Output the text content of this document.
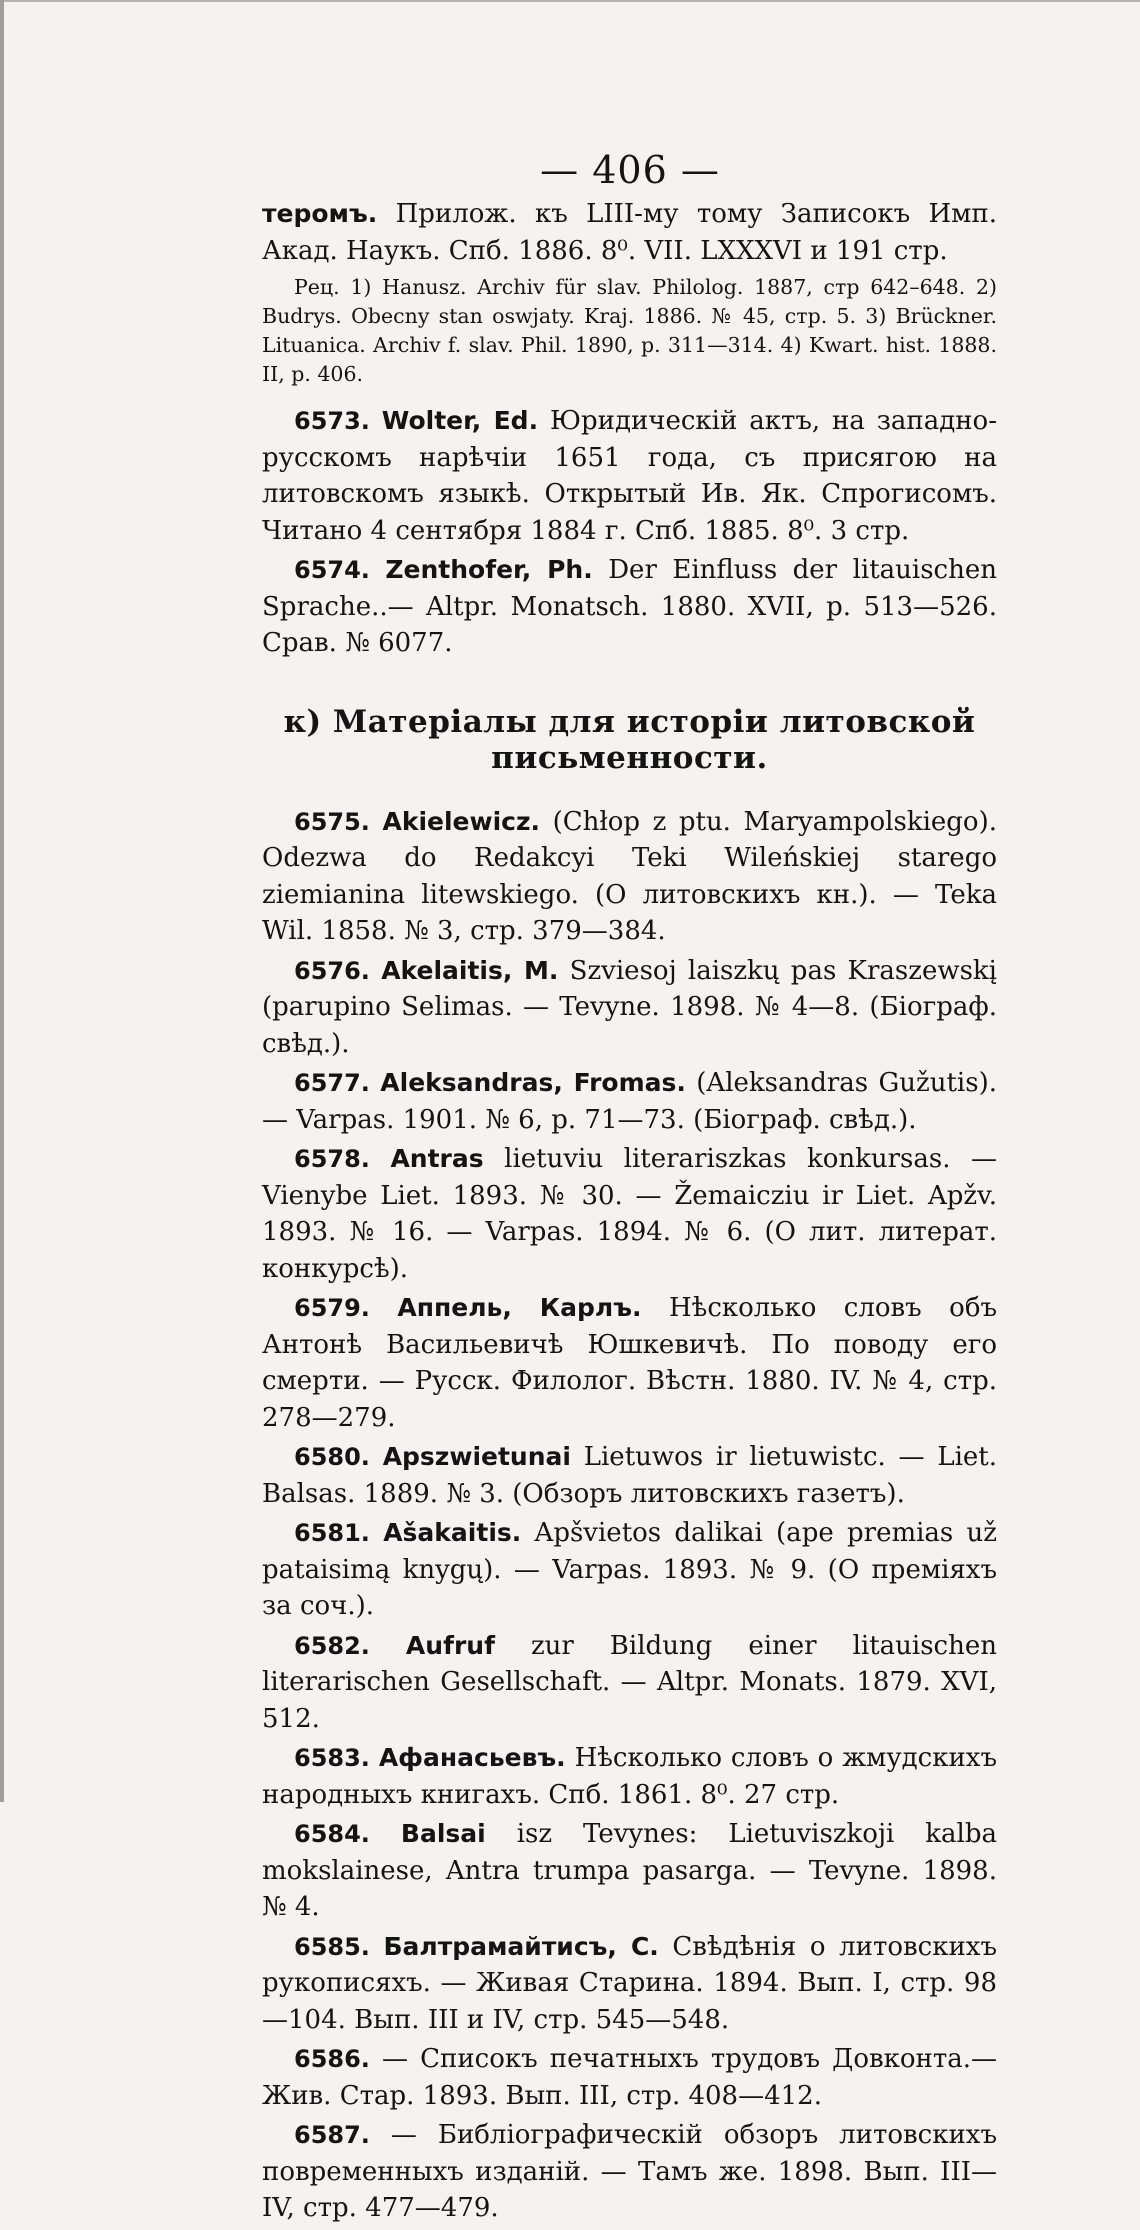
— 406 —

теромъ. Прилож. къ LIII-му тому Записокъ Имп. Акад. Наукъ. Спб. 1886. 8⁰. VII. LXXXVI и 191 стр.

Рец. 1) Hanusz. Archiv für slav. Philolog. 1887, стр 642–648. 2) Budrys. Obecny stan oswjaty. Kraj. 1886. № 45, стр. 5. 3) Brückner. Lituanica. Archiv f. slav. Phil. 1890, p. 311—314. 4) Kwart. hist. 1888. II, p. 406.

6573. Wolter, Ed. Юридическій актъ, на западно-русскомъ нарѣчіи 1651 года, съ присягою на литовскомъ языкѣ. Открытый Ив. Як. Спрогисомъ. Читано 4 сентября 1884 г. Спб. 1885. 8⁰. 3 стр.

6574. Zenthofer, Ph. Der Einfluss der litauischen Sprache..— Altpr. Monatsch. 1880. XVII, p. 513—526. Срав. № 6077.

к) Матеріалы для исторіи литовской письменности.

6575. Akielewicz. (Chłop z ptu. Maryampolskiego). Odezwa do Redakcyi Teki Wileńskiej starego ziemianina litewskiego. (О литовскихъ кн.). — Teka Wil. 1858. № 3, стр. 379—384.

6576. Akelaitis, M. Szviesoj laiszkų pas Kraszewskį (parupino Selimas. — Tevyne. 1898. № 4—8. (Біограф. свѣд.).

6577. Aleksandras, Fromas. (Aleksandras Gužutis). — Varpas. 1901. № 6, p. 71—73. (Біограф. свѣд.).

6578. Antras lietuviu literariszkas konkursas. — Vienybe Liet. 1893. № 30. — Žemaicziu ir Liet. Apžv. 1893. № 16. — Varpas. 1894. № 6. (О лит. литерат. конкурсѣ).

6579. Аппель, Карлъ. Нѣсколько словъ объ Антонѣ Васильевичѣ Юшкевичѣ. По поводу его смерти. — Русск. Филолог. Вѣстн. 1880. IV. № 4, стр. 278—279.

6580. Apszwietunai Lietuwos ir lietuwistc. — Liet. Balsas. 1889. № 3. (Обзоръ литовскихъ газетъ).

6581. Ašakaitis. Apšvietos dalikai (ape premias už pataisimą knygų). — Varpas. 1893. № 9. (О преміяхъ за соч.).

6582. Aufruf zur Bildung einer litauischen literarischen Gesellschaft. — Altpr. Monats. 1879. XVI, 512.

6583. Афанасьевъ. Нѣсколько словъ о жмудскихъ народныхъ книгахъ. Спб. 1861. 8⁰. 27 стр.

6584. Balsai isz Tevynes: Lietuviszkoji kalba mokslainese, Antra trumpa pasarga. — Tevyne. 1898. № 4.

6585. Балтрамайтисъ, С. Свѣдѣнія о литовскихъ рукописяхъ. — Живая Старина. 1894. Вып. I, стр. 98—104. Вып. III и IV, стр. 545—548.

6586. — Списокъ печатныхъ трудовъ Довконта.—Жив. Стар. 1893. Вып. III, стр. 408—412.

6587. — Библіографическій обзоръ литовскихъ повременныхъ изданій. — Тамъ же. 1898. Вып. III—IV, стр. 477—479.
